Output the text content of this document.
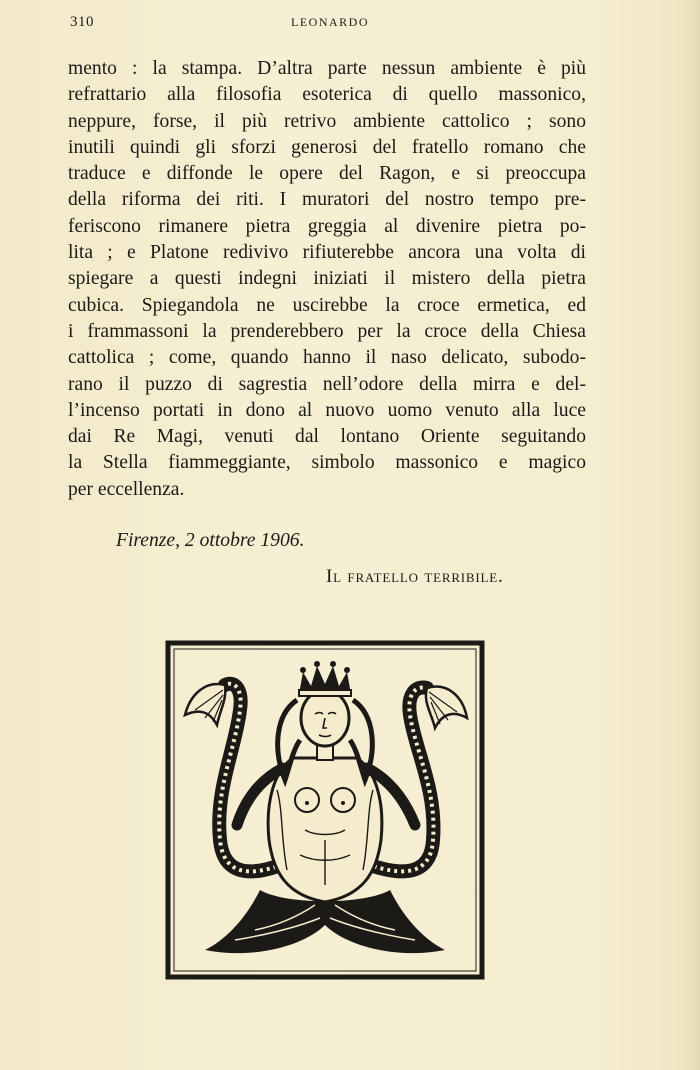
310	LEONARDO
mento : la stampa. D’altra parte nessun ambiente è più
refrattario alla filosofia esoterica di quello massonico,
neppure, forse, il più retrivo ambiente cattolico ; sono
inutili quindi gli sforzi generosi del fratello romano che
traduce e diffonde le opere del Ragon, e si preoccupa
della riforma dei riti. I muratori del nostro tempo pre-
feriscono rimanere pietra greggia al divenire pietra po-
lita ; e Platone redivivo rifiuterebbe ancora una volta di
spiegare a questi indegni iniziati il mistero della pietra
cubica. Spiegandola ne uscirebbe la croce ermetica, ed
i frammassoni la prenderebbero per la croce della Chiesa
cattolica ; come, quando hanno il naso delicato, subodo-
rano il puzzo di sagrestia nell’odore della mirra e del-
l’incenso portati in dono al nuovo uomo venuto alla luce
dai Re Magi, venuti dal lontano Oriente seguitando
la Stella fiammeggiante, simbolo massonico e magico
per eccellenza.
Firenze, 2 ottobre 1906.
Il fratello terribile.
